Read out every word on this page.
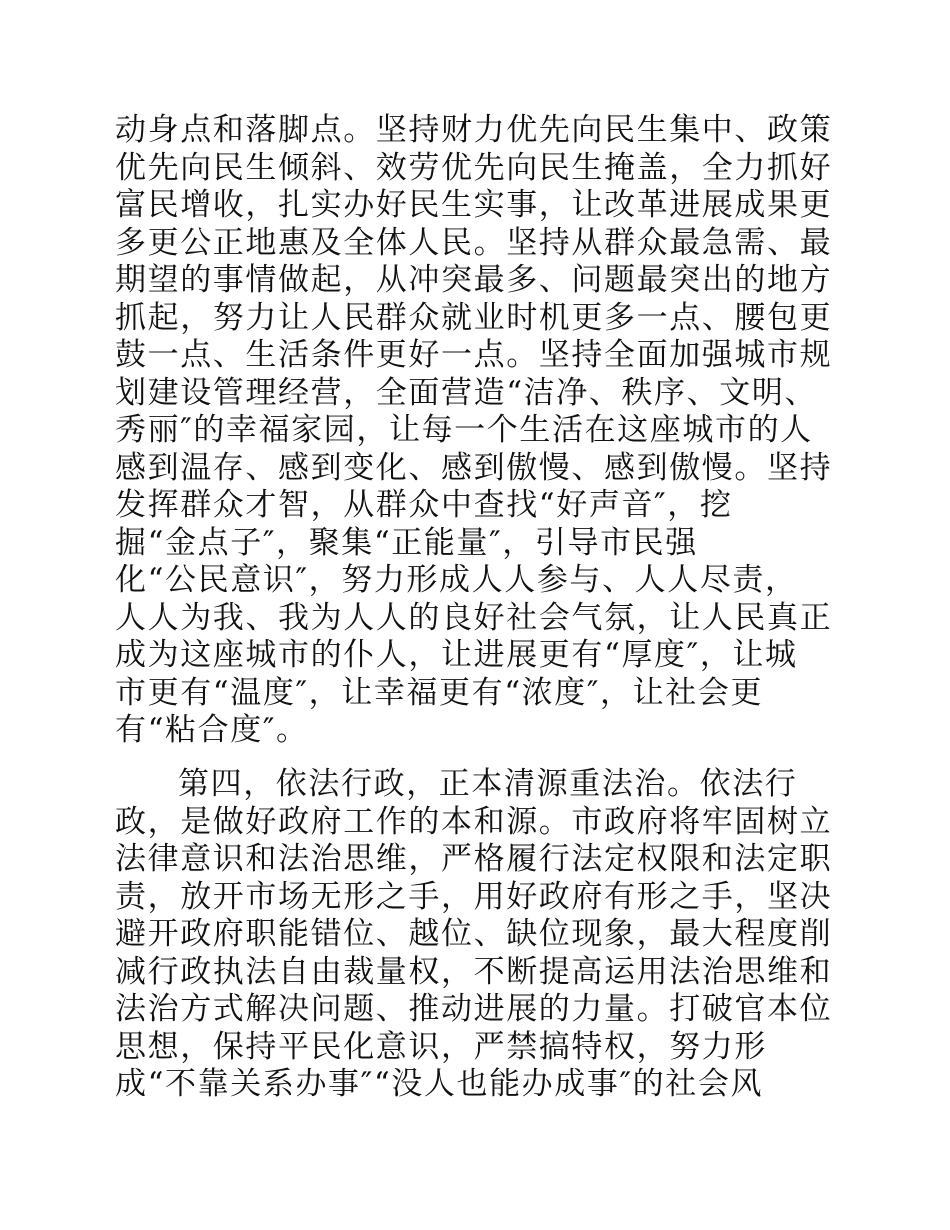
动身点和落脚点。坚持财力优先向民生集中、政策
优先向民生倾斜、效劳优先向民生掩盖，全力抓好
富民增收，扎实办好民生实事，让改革进展成果更
多更公正地惠及全体人民。坚持从群众最急需、最
期望的事情做起，从冲突最多、问题最突出的地方
抓起，努力让人民群众就业时机更多一点、腰包更
鼓一点、生活条件更好一点。坚持全面加强城市规
划建设管理经营，全面营造“洁净、秩序、文明、
秀丽″的幸福家园，让每一个生活在这座城市的人
感到温存、感到变化、感到傲慢、感到傲慢。坚持
发挥群众才智，从群众中查找“好声音″，挖
掘“金点子″，聚集“正能量″，引导市民强
化“公民意识″，努力形成人人参与、人人尽责，
人人为我、我为人人的良好社会气氛，让人民真正
成为这座城市的仆人，让进展更有“厚度″，让城
市更有“温度″，让幸福更有“浓度″，让社会更
有“粘合度″。
第四，依法行政，正本清源重法治。依法行
政，是做好政府工作的本和源。市政府将牢固树立
法律意识和法治思维，严格履行法定权限和法定职
责，放开市场无形之手，用好政府有形之手，坚决
避开政府职能错位、越位、缺位现象，最大程度削
减行政执法自由裁量权，不断提高运用法治思维和
法治方式解决问题、推动进展的力量。打破官本位
思想，保持平民化意识，严禁搞特权，努力形
成“不靠关系办事″“没人也能办成事″的社会风
